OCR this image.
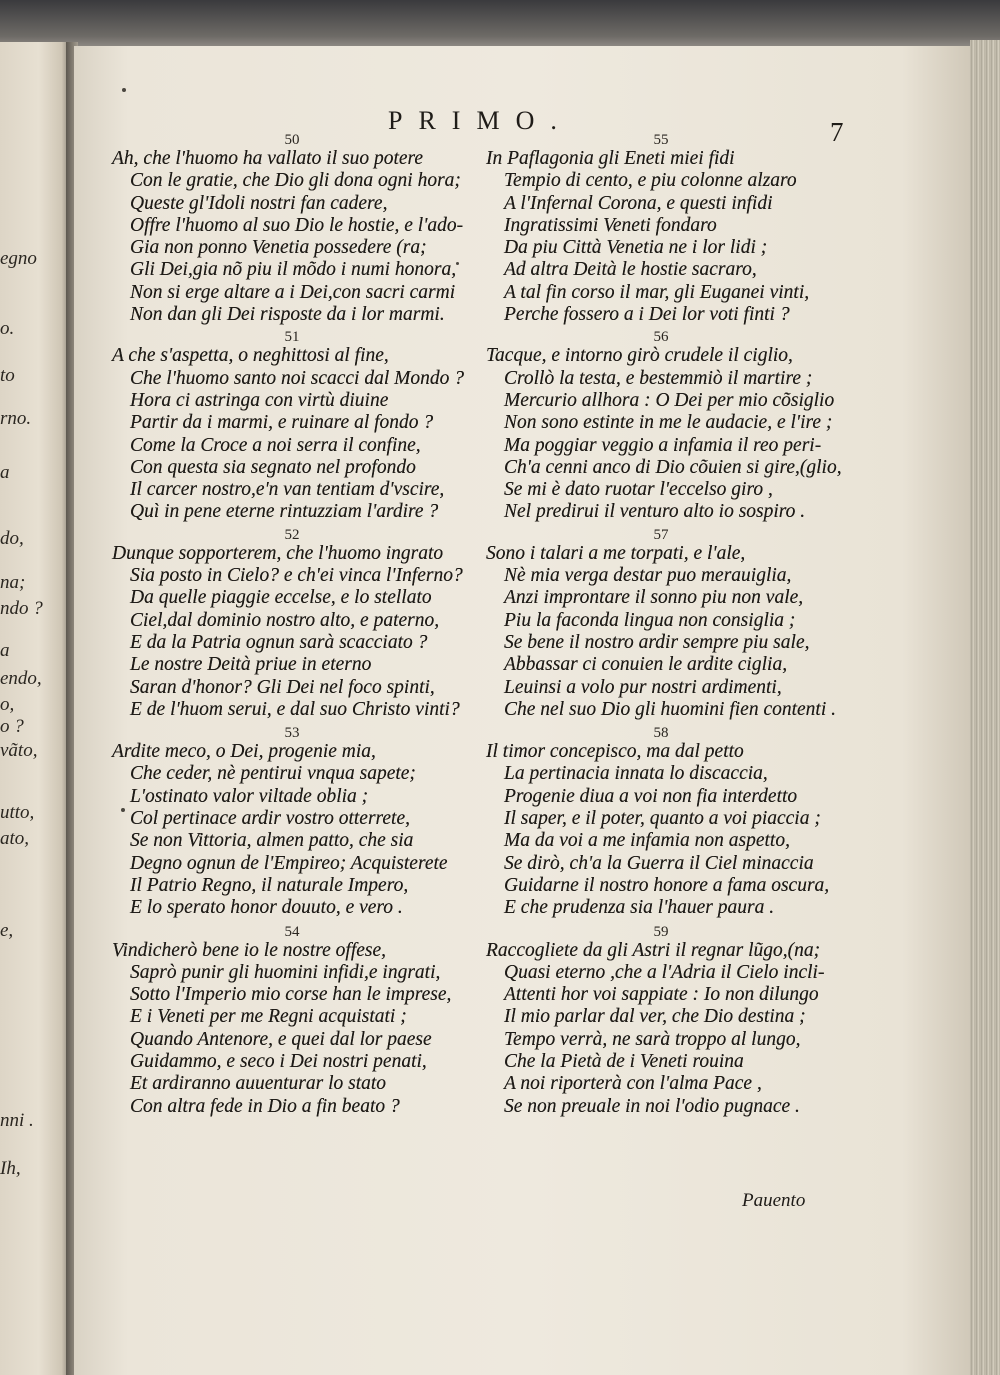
egno
o.
to
rno.
a
do,
na;
ndo ?
a
endo,
o,
o ?
vãto,
utto,
ato,
e,
nni .
Ih,
PRIMO.	7
50
Ah, che l'huomo ha vallato il suo potere
Con le gratie, che Dio gli dona ogni hora;
Queste gl'Idoli nostri fan cadere,
Offre l'huomo al suo Dio le hostie, e l'ado-
Gia non ponno Venetia possedere (ra;
Gli Dei,gia nõ piu il mõdo i numi honora,
Non si erge altare a i Dei,con sacri carmi
Non dan gli Dei risposte da i lor marmi.
51
A che s'aspetta, o neghittosi al fine,
Che l'huomo santo noi scacci dal Mondo ?
Hora ci astringa con virtù diuine
Partir da i marmi, e ruinare al fondo ?
Come la Croce a noi serra il confine,
Con questa sia segnato nel profondo
Il carcer nostro,e'n van tentiam d'vscire,
Quì in pene eterne rintuzziam l'ardire ?
52
Dunque sopporterem, che l'huomo ingrato
Sia posto in Cielo? e ch'ei vinca l'Inferno?
Da quelle piaggie eccelse, e lo stellato
Ciel,dal dominio nostro alto, e paterno,
E da la Patria ognun sarà scacciato ?
Le nostre Deità priue in eterno
Saran d'honor? Gli Dei nel foco spinti,
E de l'huom serui, e dal suo Christo vinti?
53
Ardite meco, o Dei, progenie mia,
Che ceder, nè pentirui vnqua sapete;
L'ostinato valor viltade oblia ;
Col pertinace ardir vostro otterrete,
Se non Vittoria, almen patto, che sia
Degno ognun de l'Empireo; Acquisterete
Il Patrio Regno, il naturale Impero,
E lo sperato honor douuto, e vero .
54
Vindicherò bene io le nostre offese,
Saprò punir gli huomini infidi,e ingrati,
Sotto l'Imperio mio corse han le imprese,
E i Veneti per me Regni acquistati ;
Quando Antenore, e quei dal lor paese
Guidammo, e seco i Dei nostri penati,
Et ardiranno auuenturar lo stato
Con altra fede in Dio a fin beato ?
55
In Paflagonia gli Eneti miei fidi
Tempio di cento, e piu colonne alzaro
A l'Infernal Corona, e questi infidi
Ingratissimi Veneti fondaro
Da piu Città Venetia ne i lor lidi ;
Ad altra Deità le hostie sacraro,
A tal fin corso il mar, gli Euganei vinti,
Perche fossero a i Dei lor voti finti ?
56
Tacque, e intorno girò crudele il ciglio,
Crollò la testa, e bestemmiò il martire ;
Mercurio allhora : O Dei per mio cõsiglio
Non sono estinte in me le audacie, e l'ire ;
Ma poggiar veggio a infamia il reo peri-
Ch'a cenni anco di Dio cõuien si gire,(glio,
Se mi è dato ruotar l'eccelso giro ,
Nel predirui il venturo alto io sospiro .
57
Sono i talari a me torpati, e l'ale,
Nè mia verga destar puo merauiglia,
Anzi improntare il sonno piu non vale,
Piu la faconda lingua non consiglia ;
Se bene il nostro ardir sempre piu sale,
Abbassar ci conuien le ardite ciglia,
Leuinsi a volo pur nostri ardimenti,
Che nel suo Dio gli huomini fien contenti .
58
Il timor concepisco, ma dal petto
La pertinacia innata lo discaccia,
Progenie diua a voi non fia interdetto
Il saper, e il poter, quanto a voi piaccia ;
Ma da voi a me infamia non aspetto,
Se dirò, ch'a la Guerra il Ciel minaccia
Guidarne il nostro honore a fama oscura,
E che prudenza sia l'hauer paura .
59
Raccogliete da gli Astri il regnar lũgo,(na;
Quasi eterno ,che a l'Adria il Cielo incli-
Attenti hor voi sappiate : Io non dilungo
Il mio parlar dal ver, che Dio destina ;
Tempo verrà, ne sarà troppo al lungo,
Che la Pietà de i Veneti rouina
A noi riporterà con l'alma Pace ,
Se non preuale in noi l'odio pugnace .
Pauento
